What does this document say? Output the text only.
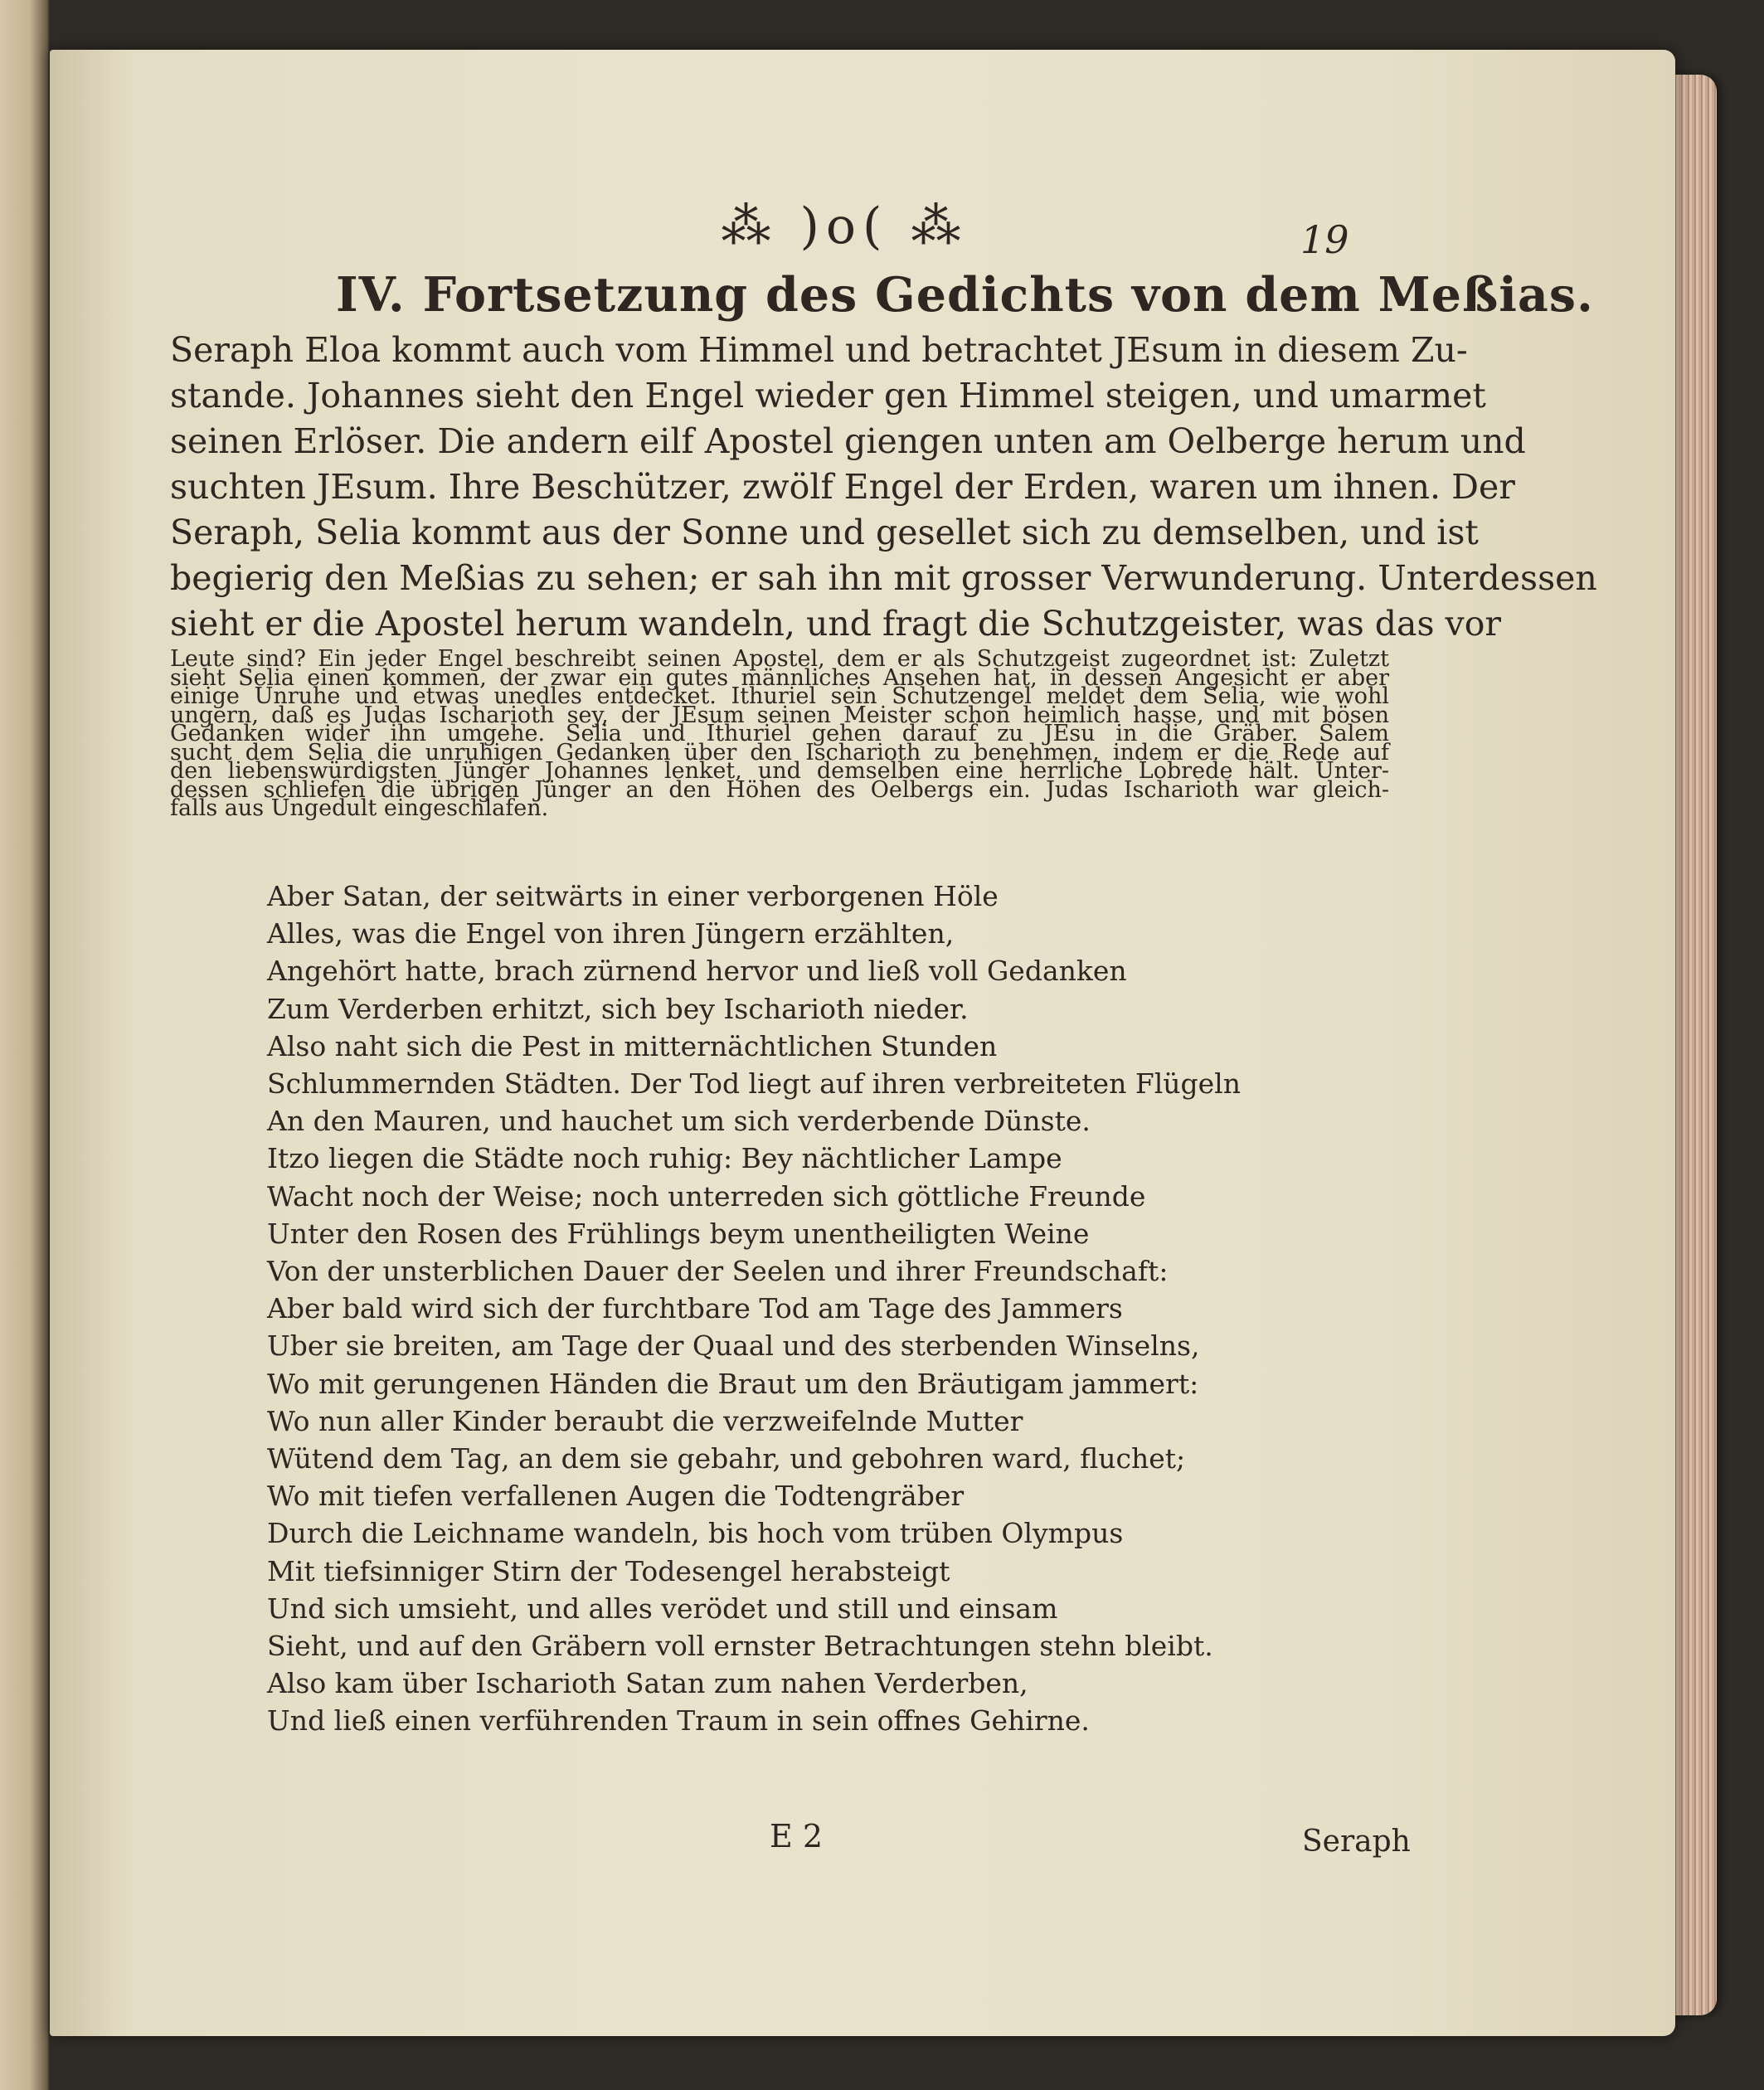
⁂ )o( ⁂	19
IV. Fortsetzung des Gedichts von dem Meßias.
Seraph Eloa kommt auch vom Himmel und betrachtet JEsum in diesem Zu-
stande. Johannes sieht den Engel wieder gen Himmel steigen, und umarmet
seinen Erlöser. Die andern eilf Apostel giengen unten am Oelberge herum und
suchten JEsum. Ihre Beschützer, zwölf Engel der Erden, waren um ihnen. Der
Seraph, Selia kommt aus der Sonne und gesellet sich zu demselben, und ist
begierig den Meßias zu sehen; er sah ihn mit grosser Verwunderung. Unterdessen
sieht er die Apostel herum wandeln, und fragt die Schutzgeister, was das vor
Leute sind? Ein jeder Engel beschreibt seinen Apostel, dem er als Schutzgeist zugeordnet ist: Zuletzt
sieht Selia einen kommen, der zwar ein gutes männliches Ansehen hat, in dessen Angesicht er aber
einige Unruhe und etwas unedles entdecket. Ithuriel sein Schutzengel meldet dem Selia, wie wohl
ungern, daß es Judas Ischarioth sey, der JEsum seinen Meister schon heimlich hasse, und mit bösen
Gedanken wider ihn umgehe. Selia und Ithuriel gehen darauf zu JEsu in die Gräber. Salem
sucht dem Selia die unruhigen Gedanken über den Ischarioth zu benehmen, indem er die Rede auf
den liebenswürdigsten Jünger Johannes lenket, und demselben eine herrliche Lobrede hält. Unter-
dessen schliefen die übrigen Jünger an den Höhen des Oelbergs ein. Judas Ischarioth war gleich-
falls aus Ungedult eingeschlafen.
Aber Satan, der seitwärts in einer verborgenen Höle
Alles, was die Engel von ihren Jüngern erzählten,
Angehört hatte, brach zürnend hervor und ließ voll Gedanken
Zum Verderben erhitzt, sich bey Ischarioth nieder.
Also naht sich die Pest in mitternächtlichen Stunden
Schlummernden Städten. Der Tod liegt auf ihren verbreiteten Flügeln
An den Mauren, und hauchet um sich verderbende Dünste.
Itzo liegen die Städte noch ruhig: Bey nächtlicher Lampe
Wacht noch der Weise; noch unterreden sich göttliche Freunde
Unter den Rosen des Frühlings beym unentheiligten Weine
Von der unsterblichen Dauer der Seelen und ihrer Freundschaft:
Aber bald wird sich der furchtbare Tod am Tage des Jammers
Uber sie breiten, am Tage der Quaal und des sterbenden Winselns,
Wo mit gerungenen Händen die Braut um den Bräutigam jammert:
Wo nun aller Kinder beraubt die verzweifelnde Mutter
Wütend dem Tag, an dem sie gebahr, und gebohren ward, fluchet;
Wo mit tiefen verfallenen Augen die Todtengräber
Durch die Leichname wandeln, bis hoch vom trüben Olympus
Mit tiefsinniger Stirn der Todesengel herabsteigt
Und sich umsieht, und alles verödet und still und einsam
Sieht, und auf den Gräbern voll ernster Betrachtungen stehn bleibt.
Also kam über Ischarioth Satan zum nahen Verderben,
Und ließ einen verführenden Traum in sein offnes Gehirne.
E 2	Seraph
